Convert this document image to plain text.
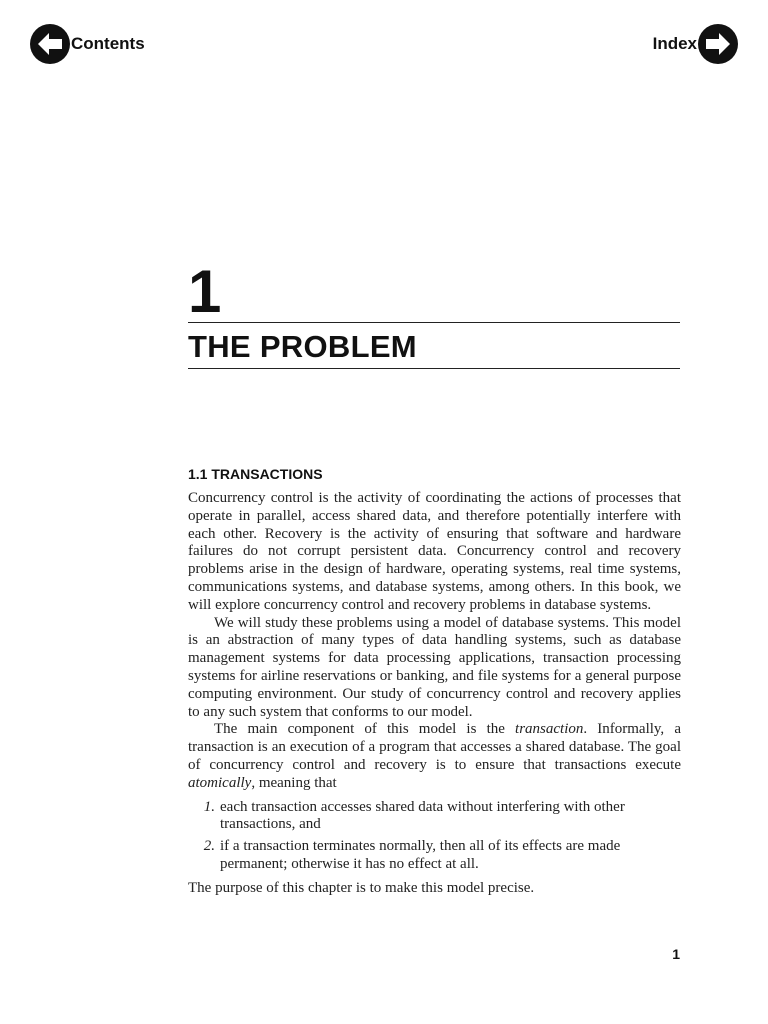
Contents	Index
1
THE PROBLEM
1.1 TRANSACTIONS

Concurrency control is the activity of coordinating the actions of processes that operate in parallel, access shared data, and therefore potentially interfere with each other. Recovery is the activity of ensuring that software and hardware failures do not corrupt persistent data. Concurrency control and recovery problems arise in the design of hardware, operating systems, real time systems, communications systems, and database systems, among others. In this book, we will explore concurrency control and recovery problems in database systems.

We will study these problems using a model of database systems. This model is an abstraction of many types of data handling systems, such as database management systems for data processing applications, transaction processing systems for airline reservations or banking, and file systems for a general purpose computing environment. Our study of concurrency control and recovery applies to any such system that conforms to our model.

The main component of this model is the transaction. Informally, a transaction is an execution of a program that accesses a shared database. The goal of concurrency control and recovery is to ensure that transactions execute atomically, meaning that

1. each transaction accesses shared data without interfering with other transactions, and
2. if a transaction terminates normally, then all of its effects are made permanent; otherwise it has no effect at all.

The purpose of this chapter is to make this model precise.

1
